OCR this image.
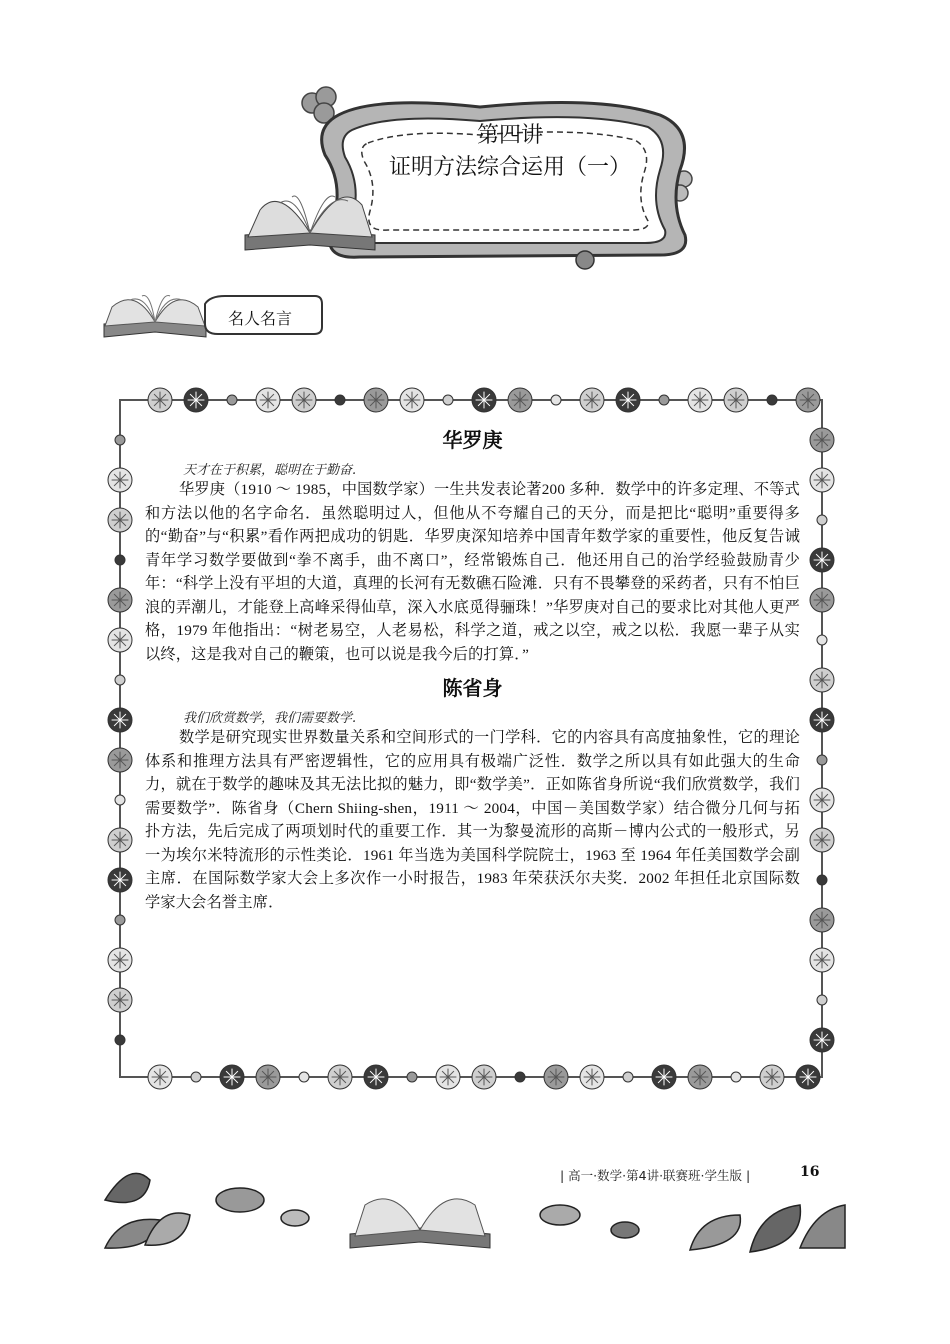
第四讲
证明方法综合运用（一）
名人名言
华罗庚
天才在于积累，聪明在于勤奋.

华罗庚（1910 ～ 1985，中国数学家）一生共发表论著200 多种．数学中的许多定理、不等式和方法以他的名字命名．虽然聪明过人，但他从不夸耀自己的天分，而是把比“聪明”重要得多的“勤奋”与“积累”看作两把成功的钥匙．华罗庚深知培养中国青年数学家的重要性，他反复告诫青年学习数学要做到“拳不离手，曲不离口”，经常锻炼自己．他还用自己的治学经验鼓励青少年：“科学上没有平坦的大道，真理的长河有无数礁石险滩．只有不畏攀登的采药者，只有不怕巨浪的弄潮儿，才能登上高峰采得仙草，深入水底觅得骊珠！”华罗庚对自己的要求比对其他人更严格，1979 年他指出：“树老易空，人老易松，科学之道，戒之以空，戒之以松．我愿一辈子从实以终，这是我对自己的鞭策，也可以说是我今后的打算．”

陈省身
我们欣赏数学，我们需要数学.

数学是研究现实世界数量关系和空间形式的一门学科．它的内容具有高度抽象性，它的理论体系和推理方法具有严密逻辑性，它的应用具有极端广泛性．数学之所以具有如此强大的生命力，就在于数学的趣味及其无法比拟的魅力，即“数学美”．正如陈省身所说“我们欣赏数学，我们需要数学”．陈省身（Chern Shiing-shen，1911 ～ 2004，中国－美国数学家）结合微分几何与拓扑方法，先后完成了两项划时代的重要工作．其一为黎曼流形的高斯－博内公式的一般形式，另一为埃尔米特流形的示性类论．1961 年当选为美国科学院院士，1963 至 1964 年任美国数学会副主席．在国际数学家大会上多次作一小时报告，1983 年荣获沃尔夫奖．2002 年担任北京国际数学家大会名誉主席．

| 高一·数学·第4讲·联赛班·学生版 |	16
